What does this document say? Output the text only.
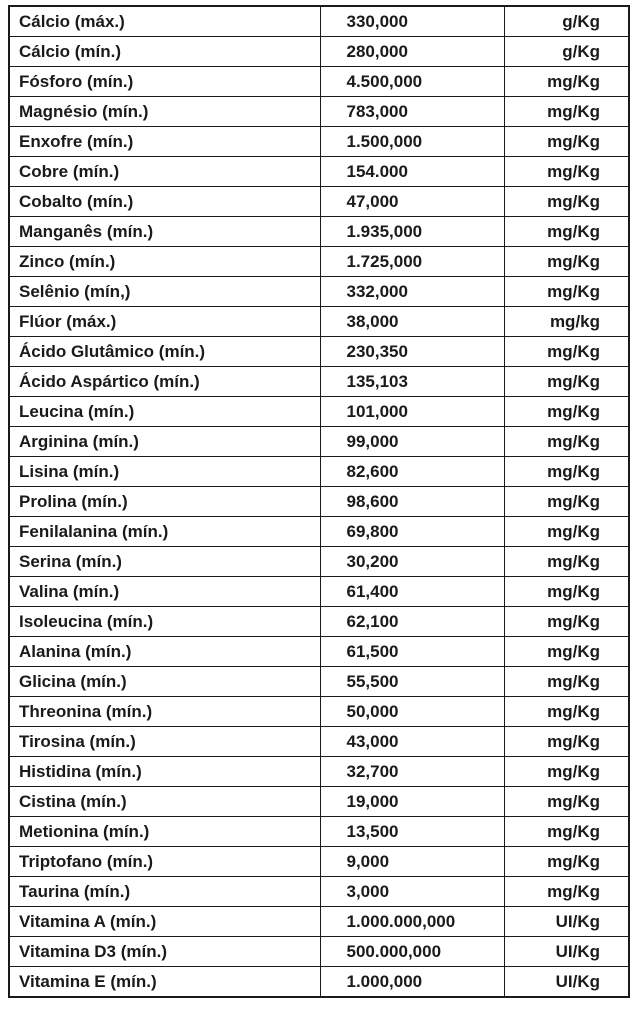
Cálcio (máx.)	330,000	g/Kg
Cálcio (mín.)	280,000	g/Kg
Fósforo (mín.)	4.500,000	mg/Kg
Magnésio (mín.)	783,000	mg/Kg
Enxofre (mín.)	1.500,000	mg/Kg
Cobre (mín.)	154.000	mg/Kg
Cobalto (mín.)	47,000	mg/Kg
Manganês (mín.)	1.935,000	mg/Kg
Zinco (mín.)	1.725,000	mg/Kg
Selênio (mín,)	332,000	mg/Kg
Flúor (máx.)	38,000	mg/kg
Ácido Glutâmico (mín.)	230,350	mg/Kg
Ácido Aspártico (mín.)	135,103	mg/Kg
Leucina (mín.)	101,000	mg/Kg
Arginina (mín.)	99,000	mg/Kg
Lisina (mín.)	82,600	mg/Kg
Prolina (mín.)	98,600	mg/Kg
Fenilalanina (mín.)	69,800	mg/Kg
Serina (mín.)	30,200	mg/Kg
Valina (mín.)	61,400	mg/Kg
Isoleucina (mín.)	62,100	mg/Kg
Alanina (mín.)	61,500	mg/Kg
Glicina (mín.)	55,500	mg/Kg
Threonina (mín.)	50,000	mg/Kg
Tirosina (mín.)	43,000	mg/Kg
Histidina (mín.)	32,700	mg/Kg
Cistina (mín.)	19,000	mg/Kg
Metionina (mín.)	13,500	mg/Kg
Triptofano (mín.)	9,000	mg/Kg
Taurina (mín.)	3,000	mg/Kg
Vitamina A (mín.)	1.000.000,000	UI/Kg
Vitamina D3 (mín.)	500.000,000	UI/Kg
Vitamina E (mín.)	1.000,000	UI/Kg
